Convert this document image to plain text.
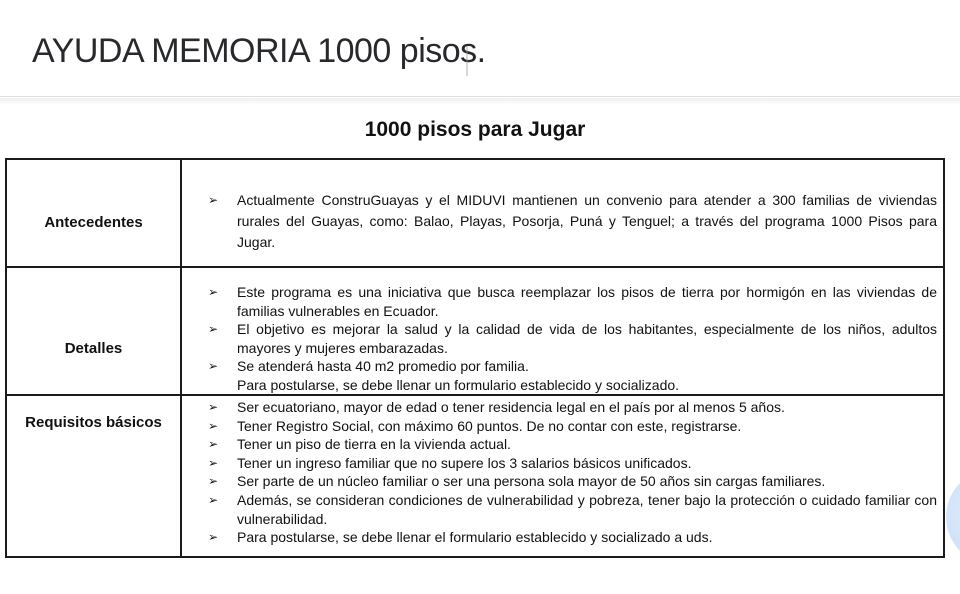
AYUDA MEMORIA 1000 pisos.
1000 pisos para Jugar
Antecedentes
➢	Actualmente ConstruGuayas y el MIDUVI mantienen un convenio para atender a 300 familias de viviendas rurales del Guayas, como: Balao, Playas, Posorja, Puná y Tenguel; a través del programa 1000 Pisos para Jugar.
Detalles
➢	Este programa es una iniciativa que busca reemplazar los pisos de tierra por hormigón en las viviendas de familias vulnerables en Ecuador.
➢	El objetivo es mejorar la salud y la calidad de vida de los habitantes, especialmente de los niños, adultos mayores y mujeres embarazadas.
➢	Se atenderá hasta 40 m2 promedio por familia.
Para postularse, se debe llenar un formulario establecido y socializado.
Requisitos básicos
➢	Ser ecuatoriano, mayor de edad o tener residencia legal en el país por al menos 5 años.
➢	Tener Registro Social, con máximo 60 puntos. De no contar con este, registrarse.
➢	Tener un piso de tierra en la vivienda actual.
➢	Tener un ingreso familiar que no supere los 3 salarios básicos unificados.
➢	Ser parte de un núcleo familiar o ser una persona sola mayor de 50 años sin cargas familiares.
➢	Además, se consideran condiciones de vulnerabilidad y pobreza, tener bajo la protección o cuidado familiar con vulnerabilidad.
➢	Para postularse, se debe llenar el formulario establecido y socializado a uds.
